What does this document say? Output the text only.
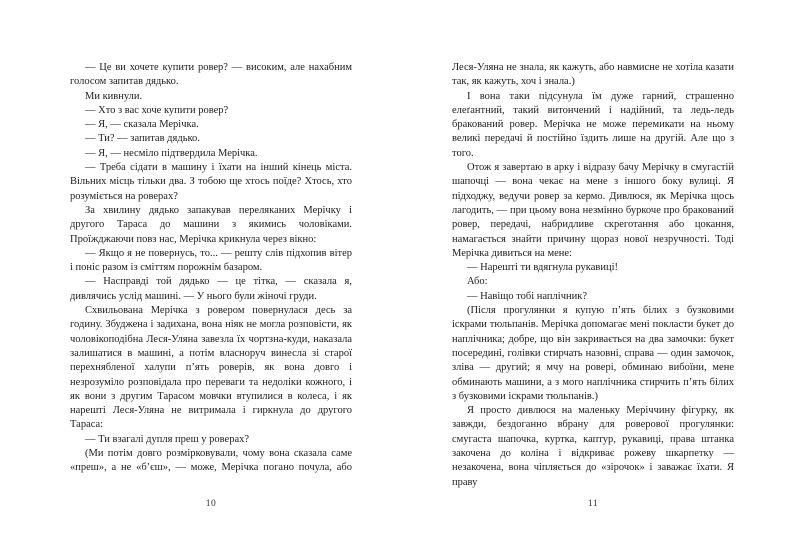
— Це ви хочете купити ровер? — високим, але нахабним голосом запитав дядько.

Ми кивнули.

— Хто з вас хоче купити ровер?

— Я, — сказала Мерічка.

— Ти? — запитав дядько.

— Я, — несміло підтвердила Мерічка.

— Треба сідати в машину і їхати на інший кінець міста. Вільних місць тільки два. З тобою ще хтось поїде? Хтось, хто розуміється на роверах?

За хвилину дядько запакував переляканих Мерічку і другого Тараса до машини з якимись чоловіками. Проїжджаючи повз нас, Мерічка крикнула через вікно:

— Якщо я не повернусь, то... — решту слів підхопив вітер і поніс разом із сміттям порожнім базаром.

— Насправді той дядько — це тітка, — сказала я, дивлячись услід машині. — У нього були жіночі груди.

Схвильована Мерічка з ровером повернулася десь за годину. Збуджена і задихана, вона ніяк не могла розповісти, як чоловікоподібна Леся-Уляна завезла їх чортзна-куди, наказала залишатися в машині, а потім власноруч винесла зі старої перехнябленої халупи п’ять роверів, як вона довго і незрозуміло розповідала про переваги та недоліки кожного, і як вони з другим Тарасом мовчки втупилися в колеса, і як нарешті Леся-Уляна не витримала і гиркнула до другого Тараса:

— Ти взагалі дупля преш у роверах?

(Ми потім довго розмірковували, чому вона сказала саме «преш», а не «б’єш», — може, Мерічка погано почула, або

10

Леся-Уляна не знала, як кажуть, або навмисне не хотіла казати так, як кажуть, хоч і знала.)

І вона таки підсунула їм дуже гарний, страшенно елеґантний, такий витончений і надійний, та ледь-ледь бракований ровер. Мерічка не може перемикати на ньому великі передачі й постійно їздить лише на другій. Але що з того.

Отож я завертаю в арку і відразу бачу Мерічку в смугастій шапочці — вона чекає на мене з іншого боку вулиці. Я підходжу, ведучи ровер за кермо. Дивлюся, як Мерічка щось лагодить, — при цьому вона незмінно буркоче про бракований ровер, передачі, набридливе скреготання або цокання, намагається знайти причину щораз нової незручності. Тоді Мерічка дивиться на мене:

— Нарешті ти вдягнула рукавиці!

Або:

— Навіщо тобі наплічник?

(Після прогулянки я купую п’ять білих з бузковими іскрами тюльпанів. Мерічка допомагає мені покласти букет до наплічника; добре, що він закривається на два замочки: букет посередині, голівки стирчать назовні, справа — один замочок, зліва — другий; я мчу на ровері, обминаю вибоїни, мене обминають машини, а з мого наплічника стирчить п’ять білих з бузковими іскрами тюльпанів.)

Я просто дивлюся на маленьку Меріччину фігурку, як завжди, бездоганно вбрану для роверової прогулянки: смугаста шапочка, куртка, каптур, рукавиці, права штанка закочена до коліна і відкриває рожеву шкарпетку — незакочена, вона чіпляється до «зірочок» і заважає їхати. Я праву

11
